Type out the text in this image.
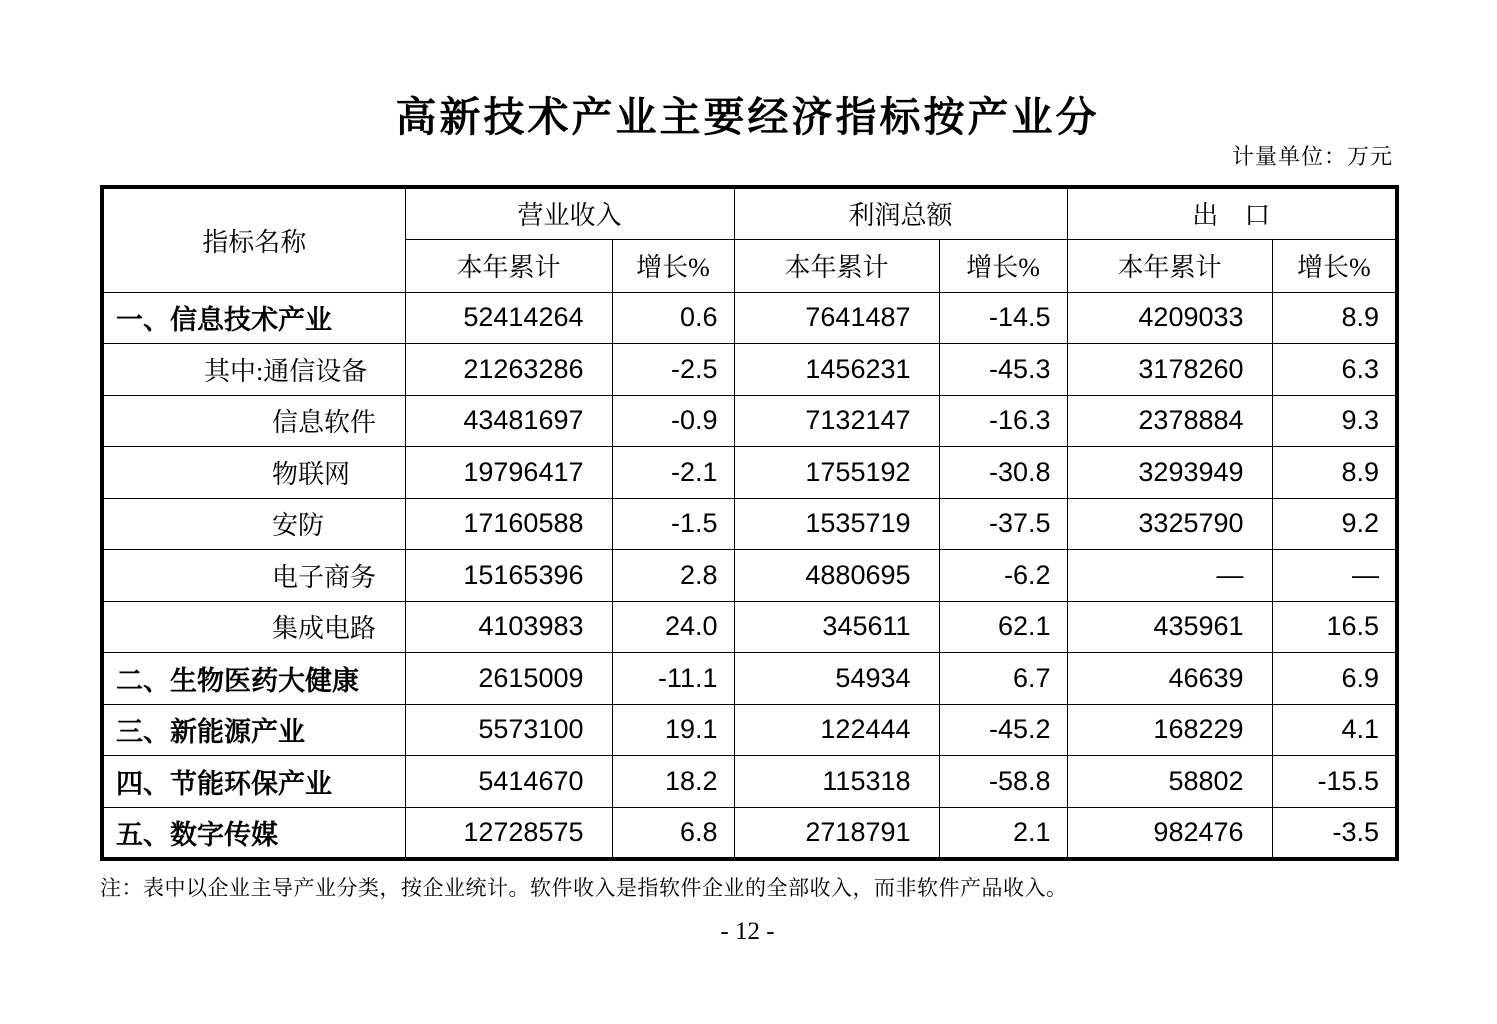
高新技术产业主要经济指标按产业分
计量单位：万元
指标名称	营业收入		利润总额		出　口	
	本年累计	增长%	本年累计	增长%	本年累计	增长%
一、信息技术产业	52414264	0.6	7641487	-14.5	4209033	8.9
其中:通信设备	21263286	-2.5	1456231	-45.3	3178260	6.3
信息软件	43481697	-0.9	7132147	-16.3	2378884	9.3
物联网	19796417	-2.1	1755192	-30.8	3293949	8.9
安防	17160588	-1.5	1535719	-37.5	3325790	9.2
电子商务	15165396	2.8	4880695	-6.2	—	—
集成电路	4103983	24.0	345611	62.1	435961	16.5
二、生物医药大健康	2615009	-11.1	54934	6.7	46639	6.9
三、新能源产业	5573100	19.1	122444	-45.2	168229	4.1
四、节能环保产业	5414670	18.2	115318	-58.8	58802	-15.5
五、数字传媒	12728575	6.8	2718791	2.1	982476	-3.5
注：表中以企业主导产业分类，按企业统计。软件收入是指软件企业的全部收入，而非软件产品收入。
- 12 -
